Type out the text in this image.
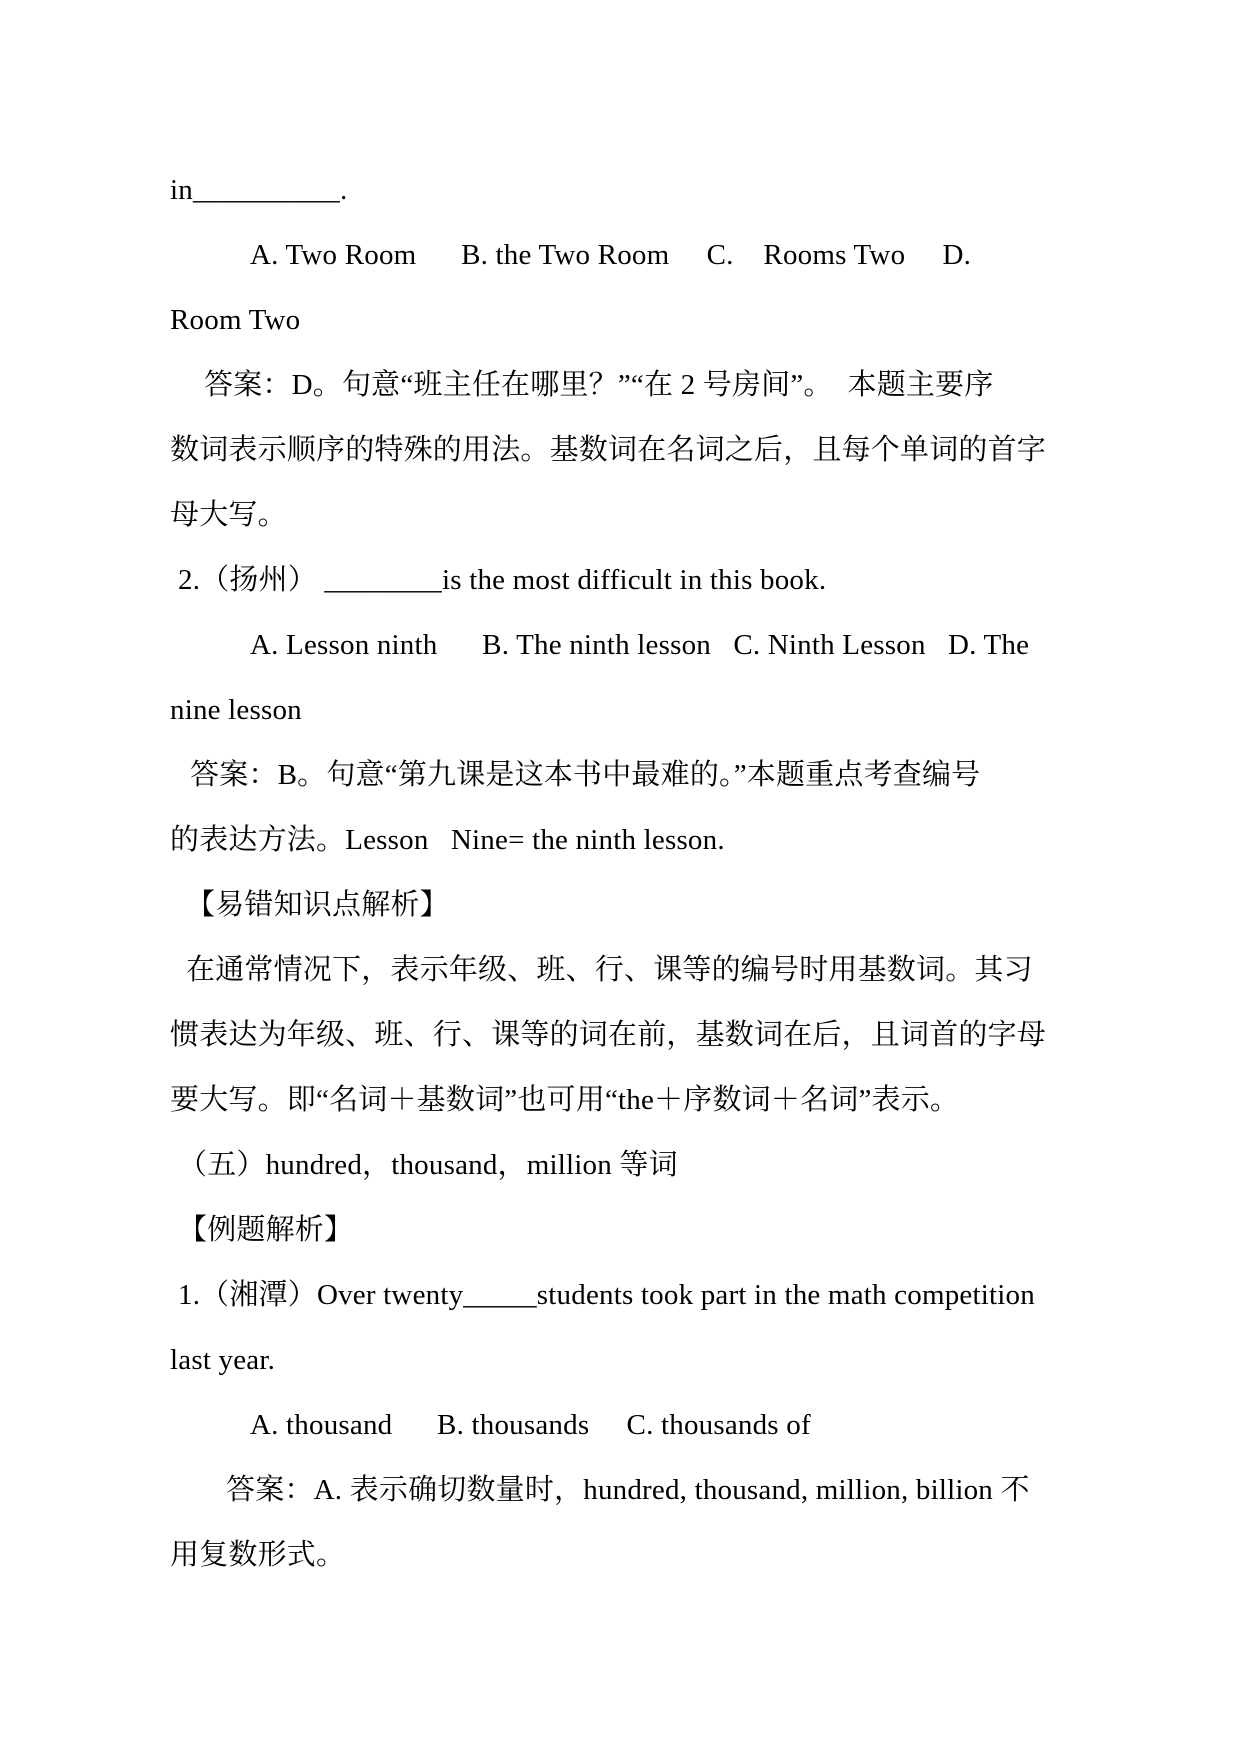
in__________.
A. Two Room      B. the Two Room     C.    Rooms Two     D.
Room Two
答案：D。句意“班主任在哪里？”“在 2 号房间”。  本题主要序
数词表示顺序的特殊的用法。基数词在名词之后，且每个单词的首字
母大写。
2.（扬州） ________is the most difficult in this book.
A. Lesson ninth      B. The ninth lesson   C. Ninth Lesson   D. The
nine lesson
答案：B。句意“第九课是这本书中最难的。”本题重点考查编号
的表达方法。Lesson   Nine= the ninth lesson.
【易错知识点解析】
在通常情况下，表示年级、班、行、课等的编号时用基数词。其习
惯表达为年级、班、行、课等的词在前，基数词在后，且词首的字母
要大写。即“名词＋基数词”也可用“the＋序数词＋名词”表示。
（五）hundred，thousand，million 等词
【例题解析】
1.（湘潭）Over twenty_____students took part in the math competition
last year.
A. thousand      B. thousands     C. thousands of
答案：A. 表示确切数量时，hundred, thousand, million, billion 不
用复数形式。
